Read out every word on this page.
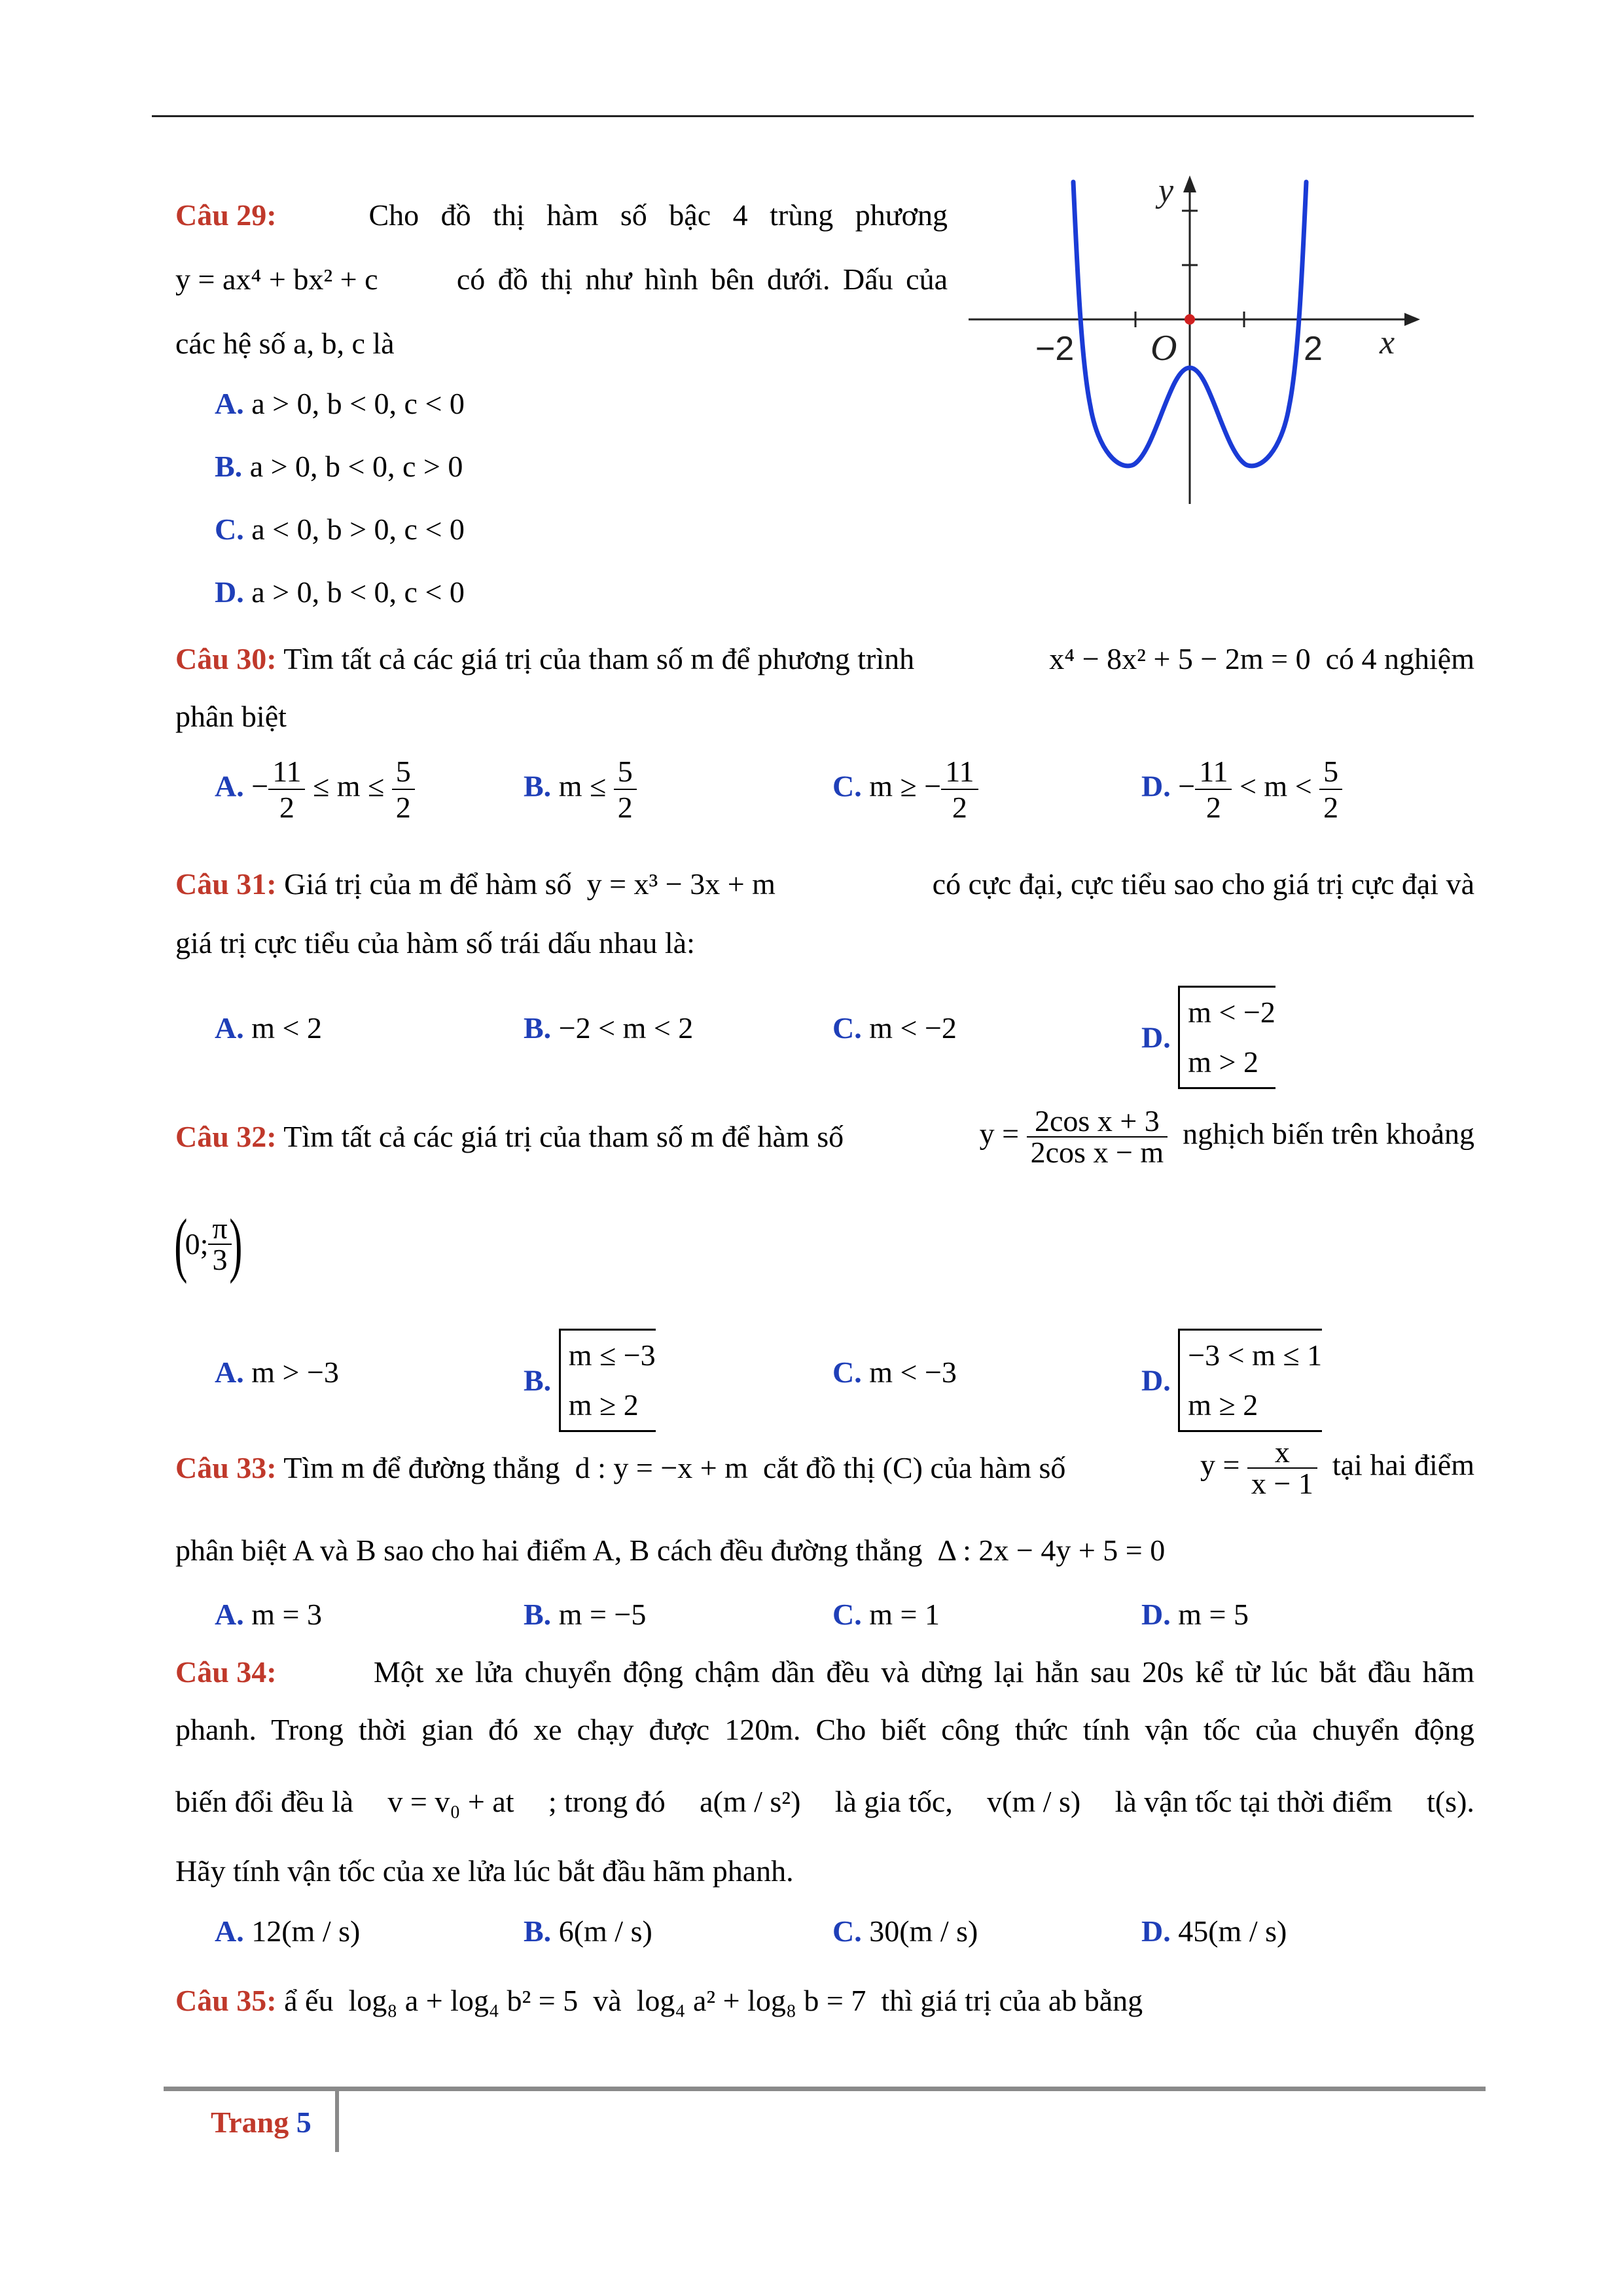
Câu 29:	Cho đồ thị hàm số bậc 4 trùng phương
y = ax⁴ + bx² + c	có đồ thị như hình bên dưới. Dấu của
các hệ số a, b, c là
A. a > 0, b < 0, c < 0
B. a > 0, b < 0, c > 0
C. a < 0, b > 0, c < 0
D. a > 0, b < 0, c < 0
y
x
O
−2	2
Câu 30: Tìm tất cả các giá trị của tham số m để phương trình	x⁴ − 8x² + 5 − 2m = 0 có 4 nghiệm
phân biệt
A. − $\frac{11}{2} \le m \le \frac{5}{2}$	B. $m \le \frac{5}{2}$	C. m ≥ − $\frac{11}{2}$	D. − $\frac{11}{2} < m < \frac{5}{2}$
Câu 31: Giá trị của m để hàm số y = x³ − 3x + m	có cực đại, cực tiểu sao cho giá trị cực đại và
giá trị cực tiểu của hàm số trái dấu nhau là:
A. m < 2	B. −2 < m < 2	C. m < −2	D.
m < −2
m > 2
Câu 32: Tìm tất cả các giá trị của tham số m để hàm số	$y = \frac{\text{2cos x + 3}}{\text{2cos x − m}}$ nghịch biến trên khoảng
(
0; $\frac{\pi}{3}$
)
A. m > −3	B.
m ≤ −3
m ≥ 2
C. m < −3	D.
−3 < m ≤ 1
m ≥ 2
Câu 33: Tìm m để đường thẳng d : y = −x + m cắt đồ thị (C) của hàm số	$y = \frac{x}{x - 1}$ tại hai điểm
phân biệt A và B sao cho hai điểm A, B cách đều đường thẳng Δ : 2x − 4y + 5 = 0
A. m = 3	B. m = −5	C. m = 1	D. m = 5
Câu 34:	Một xe lửa chuyển động chậm dần đều và dừng lại hẳn sau 20s kể từ lúc bắt đầu hãm
phanh. Trong thời gian đó xe chạy được 120m. Cho biết công thức tính vận tốc của chuyển động
biến đổi đều là v = v₀ + at ; trong đó a(m / s²) là gia tốc, v(m / s) là vận tốc tại thời điểm t(s).
Hãy tính vận tốc của xe lửa lúc bắt đầu hãm phanh.
A. 12(m / s)	B. 6(m / s)	C. 30(m / s)	D. 45(m / s)
Câu 35: ẩ ếu log₈ a + log₄ b² = 5 và log₄ a² + log₈ b = 7 thì giá trị của ab bằng
Trang 5
